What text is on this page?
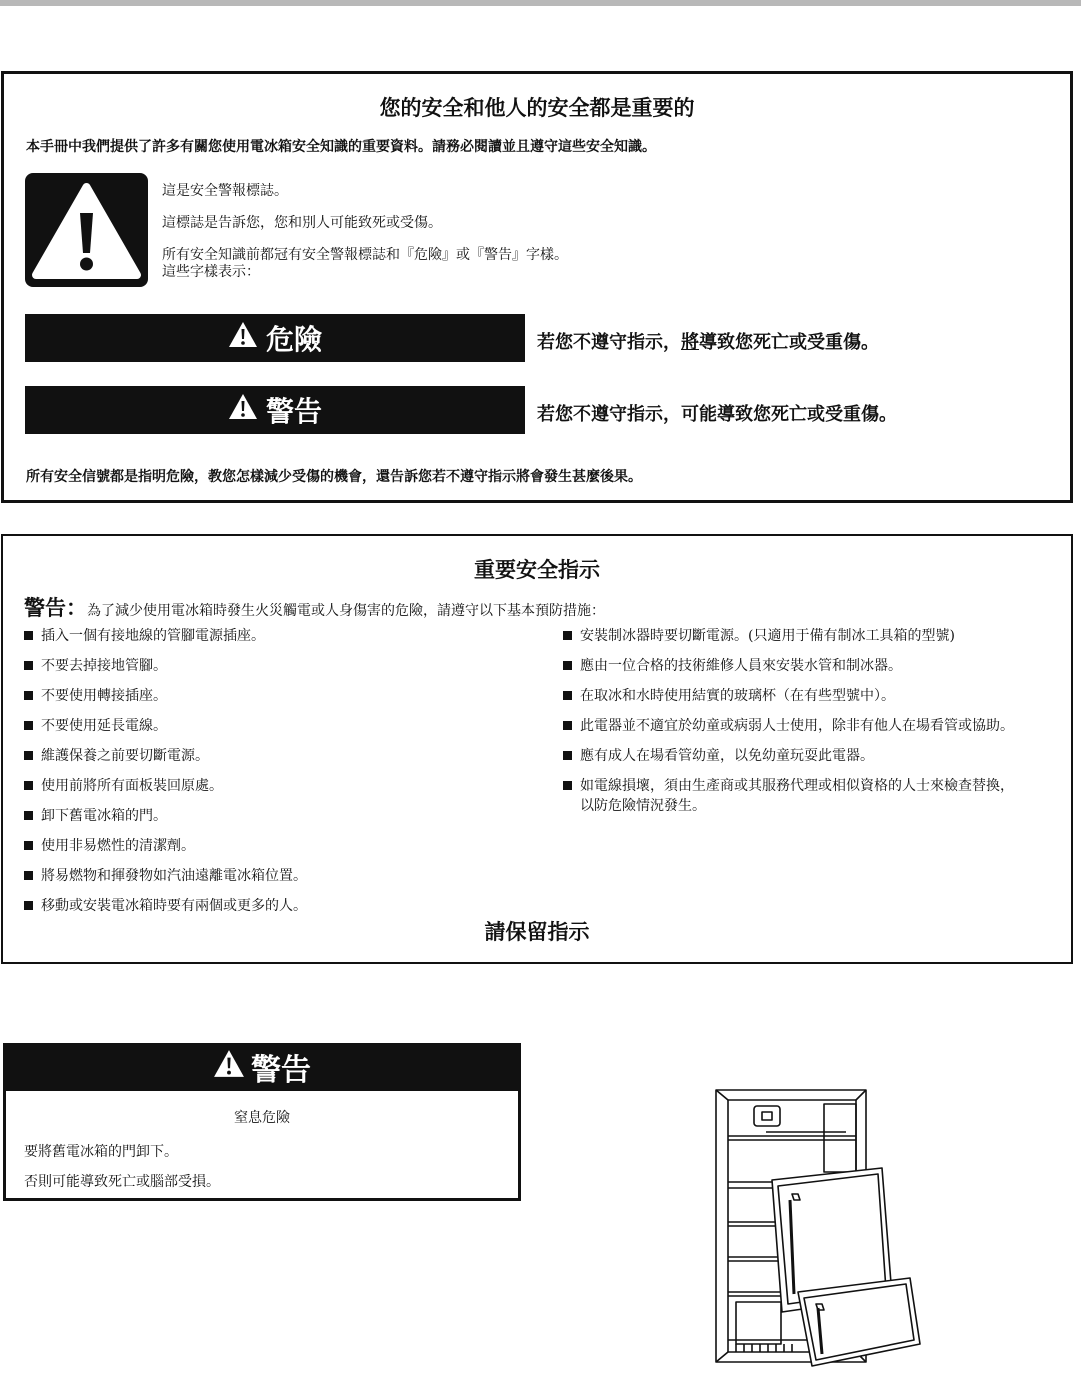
您的安全和他人的安全都是重要的
本手冊中我們提供了許多有關您使用電冰箱安全知識的重要資料。請務必閱讀並且遵守這些安全知識。
這是安全警報標誌。
這標誌是告訴您，您和別人可能致死或受傷。
所有安全知識前都冠有安全警報標誌和『危險』或『警告』字樣。
這些字樣表示：
危險	若您不遵守指示，將導致您死亡或受重傷。
警告	若您不遵守指示，可能導致您死亡或受重傷。
所有安全信號都是指明危險，教您怎樣減少受傷的機會，還告訴您若不遵守指示將會發生甚麼後果。
重要安全指示
警告：為了減少使用電冰箱時發生火災觸電或人身傷害的危險，請遵守以下基本預防措施：
插入一個有接地線的管腳電源插座。
不要去掉接地管腳。
不要使用轉接插座。
不要使用延長電線。
維護保養之前要切斷電源。
使用前將所有面板裝回原處。
卸下舊電冰箱的門。
使用非易燃性的清潔劑。
將易燃物和揮發物如汽油遠離電冰箱位置。
移動或安裝電冰箱時要有兩個或更多的人。
安裝制冰器時要切斷電源。(只適用于備有制冰工具箱的型號)
應由一位合格的技術維修人員來安裝水管和制冰器。
在取冰和水時使用結實的玻璃杯（在有些型號中）。
此電器並不適宜於幼童或病弱人士使用，除非有他人在場看管或協助。
應有成人在場看管幼童，以免幼童玩耍此電器。
如電線損壞，須由生產商或其服務代理或相似資格的人士來檢查替換，以防危險情況發生。
請保留指示
警告
窒息危險
要將舊電冰箱的門卸下。
否則可能導致死亡或腦部受損。
